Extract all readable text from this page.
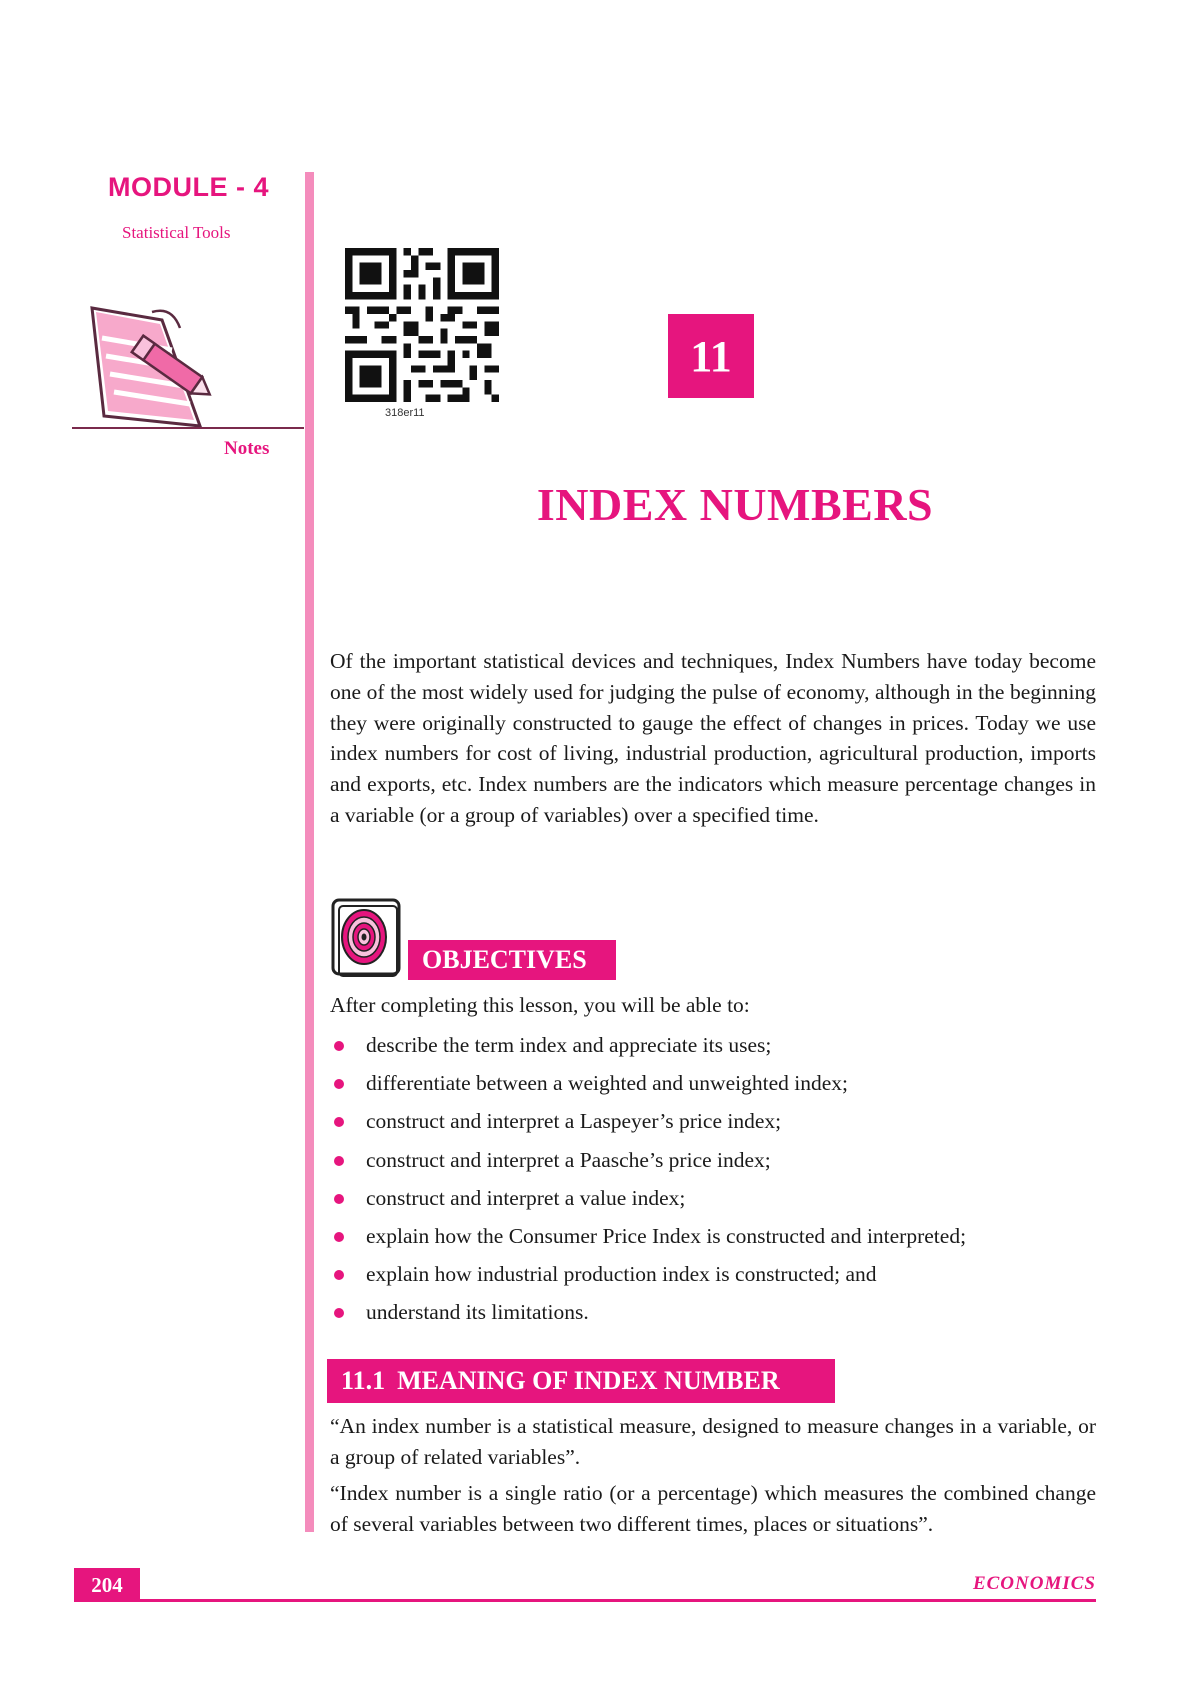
MODULE - 4
Statistical Tools
Notes
318er11
11
INDEX NUMBERS

Of the important statistical devices and techniques, Index Numbers have today become one of the most widely used for judging the pulse of economy, although in the beginning they were originally constructed to gauge the effect of changes in prices. Today we use index numbers for cost of living, industrial production, agricultural production, imports and exports, etc. Index numbers are the indicators which measure percentage changes in a variable (or a group of variables) over a specified time.

OBJECTIVES

After completing this lesson, you will be able to:

describe the term index and appreciate its uses;
differentiate between a weighted and unweighted index;
construct and interpret a Laspeyer’s price index;
construct and interpret a Paasche’s price index;
construct and interpret a value index;
explain how the Consumer Price Index is constructed and interpreted;
explain how industrial production index is constructed; and
understand its limitations.
11.1 MEANING OF INDEX NUMBER

“An index number is a statistical measure, designed to measure changes in a variable, or a group of related variables”.

“Index number is a single ratio (or a percentage) which measures the combined change of several variables between two different times, places or situations”.

204	ECONOMICS
